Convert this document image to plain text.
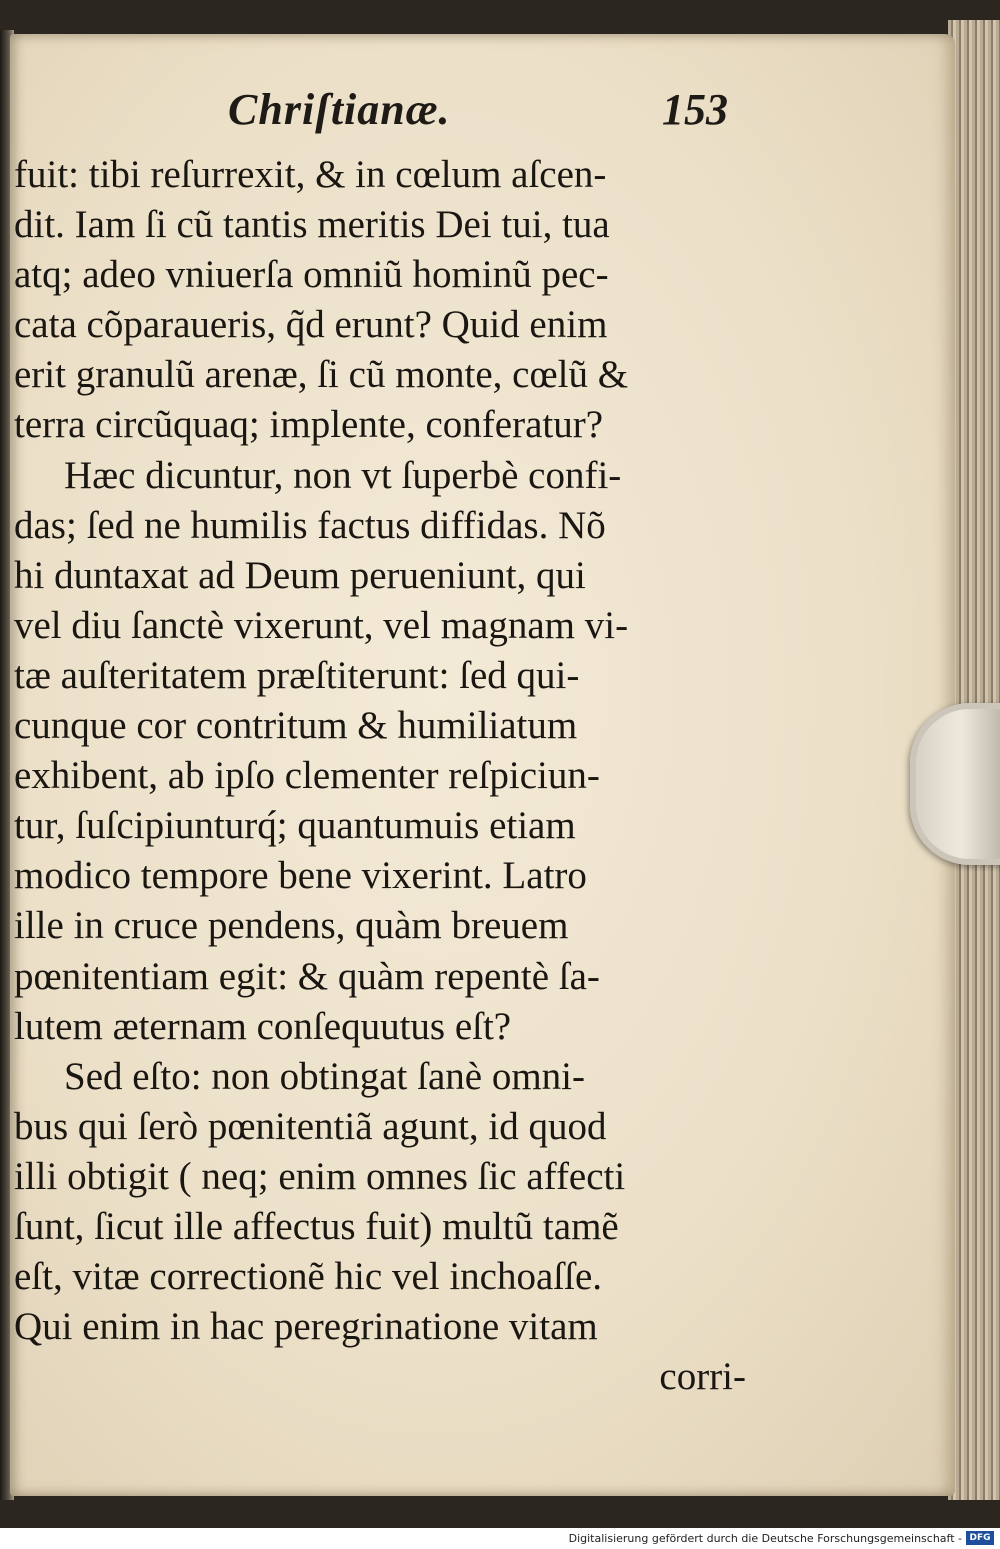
Chriſtianæ.	153
fuit: tibi reſurrexit, & in cœlum aſcen-
dit. Iam ſi cũ tantis meritis Dei tui, tua
atq; adeo vniuerſa omniũ hominũ pec-
cata cõparaueris, q̃d erunt? Quid enim
erit granulũ arenæ, ſi cũ monte, cœlũ &
terra circũquaq; implente, conferatur?
Hæc dicuntur, non vt ſuperbè confi-
das; ſed ne humilis factus diffidas. Nõ
hi duntaxat ad Deum perueniunt, qui
vel diu ſanctè vixerunt, vel magnam vi-
tæ auſteritatem præſtiterunt: ſed qui-
cunque cor contritum & humiliatum
exhibent, ab ipſo clementer reſpiciun-
tur, ſuſcipiunturq́; quantumuis etiam
modico tempore bene vixerint. Latro
ille in cruce pendens, quàm breuem
pœnitentiam egit: & quàm repentè ſa-
lutem æternam conſequutus eſt?
Sed eſto: non obtingat ſanè omni-
bus qui ſerò pœnitentiã agunt, id quod
illi obtigit ( neq; enim omnes ſic affecti
ſunt, ſicut ille affectus fuit) multũ tamẽ
eſt, vitæ correctionẽ hic vel inchoaſſe.
Qui enim in hac peregrinatione vitam
corri-
Digitalisierung gefördert durch die Deutsche Forschungsgemeinschaft - DFG
